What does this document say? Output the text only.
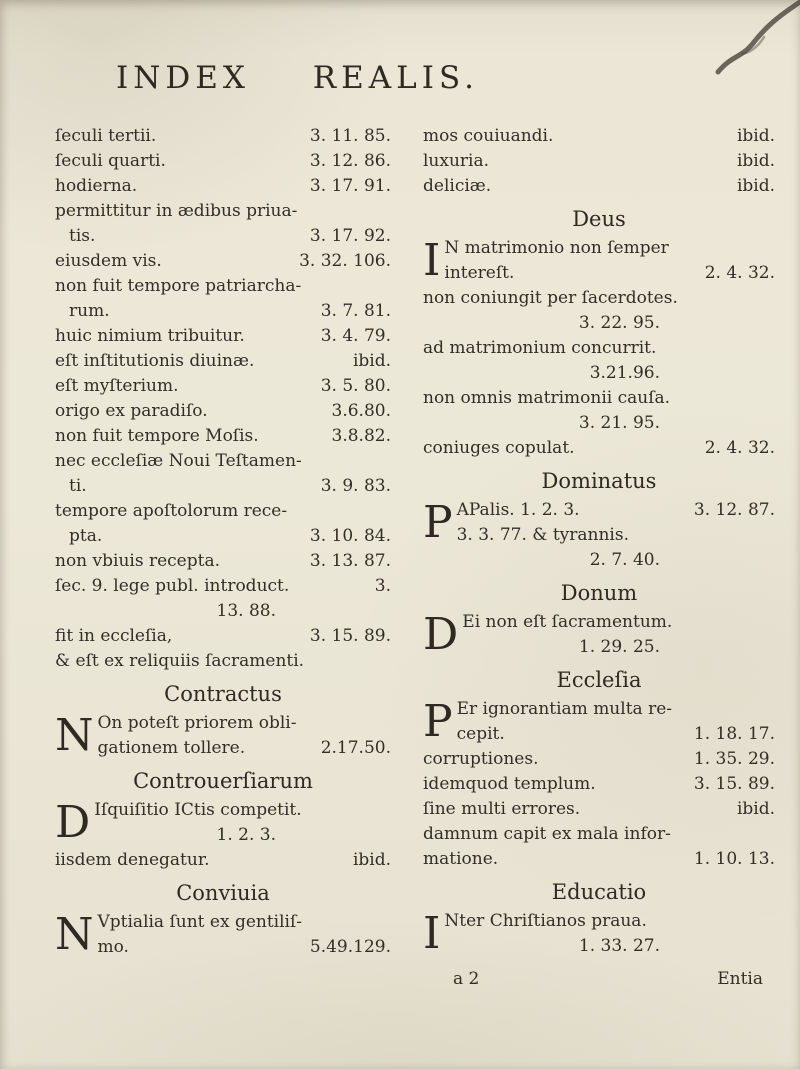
INDEX REALIS.
ſeculi tertii.	3. 11. 85.
ſeculi quarti.	3. 12. 86.
hodierna.	3. 17. 91.
permittitur in ædibus priua-
tis.	3. 17. 92.
eiusdem vis.	3. 32. 106.
non fuit tempore patriarcha-
rum.	3. 7. 81.
huic nimium tribuitur.	3. 4. 79.
eſt inſtitutionis diuinæ.	ibid.
eſt myſterium.	3. 5. 80.
origo ex paradiſo.	3.6.80.
non fuit tempore Moſis.	3.8.82.
nec eccleſiæ Noui Teſtamen-
ti.	3. 9. 83.
tempore apoſtolorum rece-
pta.	3. 10. 84.
non vbiuis recepta.	3. 13. 87.
ſec. 9. lege publ. introduct.	3.
13. 88.
fit in eccleſia,	3. 15. 89.
& eſt ex reliquiis ſacramenti.
Contractus
N On poteſt priorem obli-
gationem tollere.	2.17.50.
Controuerſiarum
D Iſquiſitio ICtis competit.
1. 2. 3.
iisdem denegatur.	ibid.
Conviuia
N Vptialia ſunt ex gentiliſ-
mo.	5.49.129.
mos couiuandi.	ibid.
luxuria.	ibid.
deliciæ.	ibid.
Deus
I N matrimonio non ſemper
intereſt.	2. 4. 32.
non coniungit per ſacerdotes.
3. 22. 95.
ad matrimonium concurrit.
3.21.96.
non omnis matrimonii cauſa.
3. 21. 95.
coniuges copulat.	2. 4. 32.
Dominatus
P APalis. 1. 2. 3.	3. 12. 87.
3. 3. 77. & tyrannis.
2. 7. 40.
Donum
D Ei non eſt ſacramentum.
1. 29. 25.
Eccleſia
P Er ignorantiam multa re-
cepit.	1. 18. 17.
corruptiones.	1. 35. 29.
idemquod templum.	3. 15. 89.
ſine multi errores.	ibid.
damnum capit ex mala infor-
matione.	1. 10. 13.
Educatio
I Nter Chriſtianos praua.
1. 33. 27.
a 2	Entia
